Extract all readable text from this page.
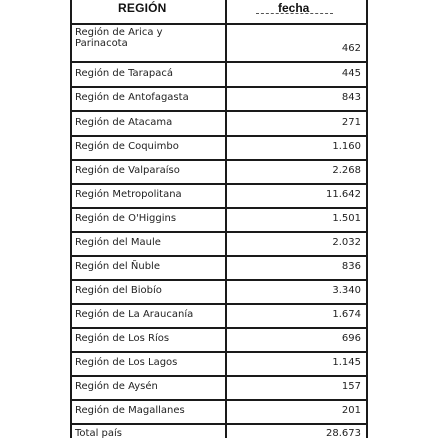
REGIÓN	fecha
Región de Arica y Parinacota	462
Región de Tarapacá	445
Región de Antofagasta	843
Región de Atacama	271
Región de Coquimbo	1.160
Región de Valparaíso	2.268
Región Metropolitana	11.642
Región de O'Higgins	1.501
Región del Maule	2.032
Región del Ñuble	836
Región del Biobío	3.340
Región de La Araucanía	1.674
Región de Los Ríos	696
Región de Los Lagos	1.145
Región de Aysén	157
Región de Magallanes	201
Total país	28.673
